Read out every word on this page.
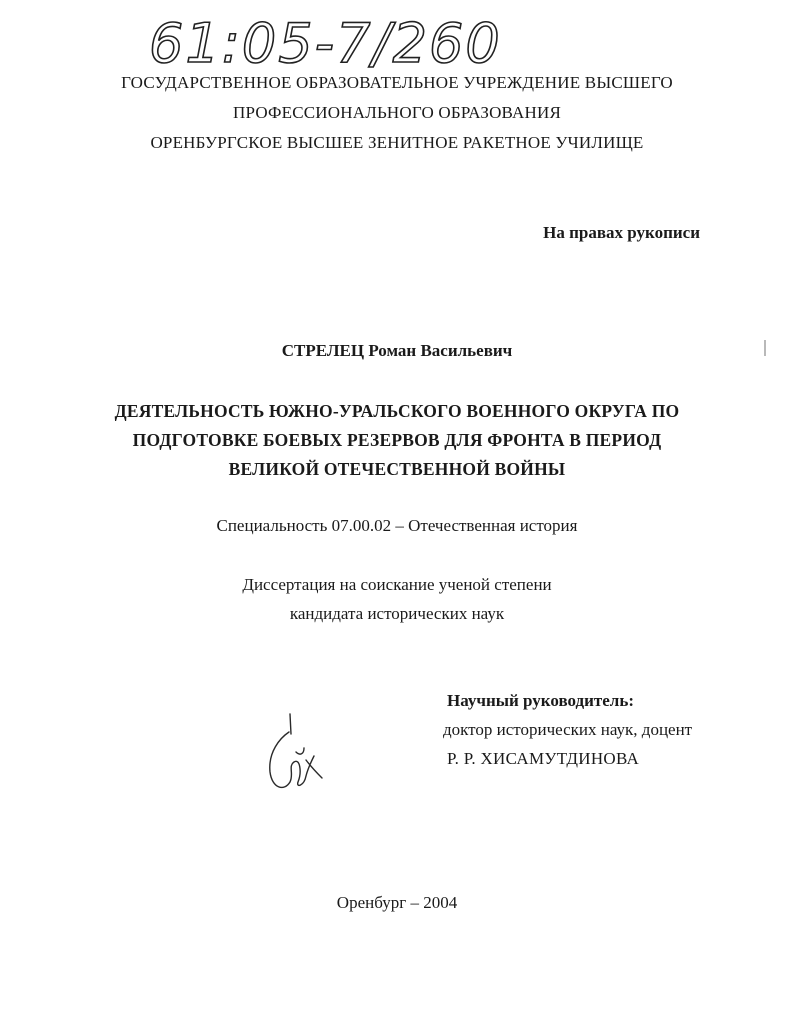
61:05-7/260
ГОСУДАРСТВЕННОЕ ОБРАЗОВАТЕЛЬНОЕ УЧРЕЖДЕНИЕ ВЫСШЕГО
ПРОФЕССИОНАЛЬНОГО ОБРАЗОВАНИЯ
ОРЕНБУРГСКОЕ ВЫСШЕЕ ЗЕНИТНОЕ РАКЕТНОЕ УЧИЛИЩЕ
На правах рукописи
СТРЕЛЕЦ Роман Васильевич
ДЕЯТЕЛЬНОСТЬ ЮЖНО-УРАЛЬСКОГО ВОЕННОГО ОКРУГА ПО
ПОДГОТОВКЕ БОЕВЫХ РЕЗЕРВОВ ДЛЯ ФРОНТА В ПЕРИОД
ВЕЛИКОЙ ОТЕЧЕСТВЕННОЙ ВОЙНЫ
Специальность 07.00.02 – Отечественная история
Диссертация на соискание ученой степени
кандидата исторических наук
Научный руководитель:
доктор исторических наук, доцент
Р. Р. ХИСАМУТДИНОВА
Оренбург – 2004
